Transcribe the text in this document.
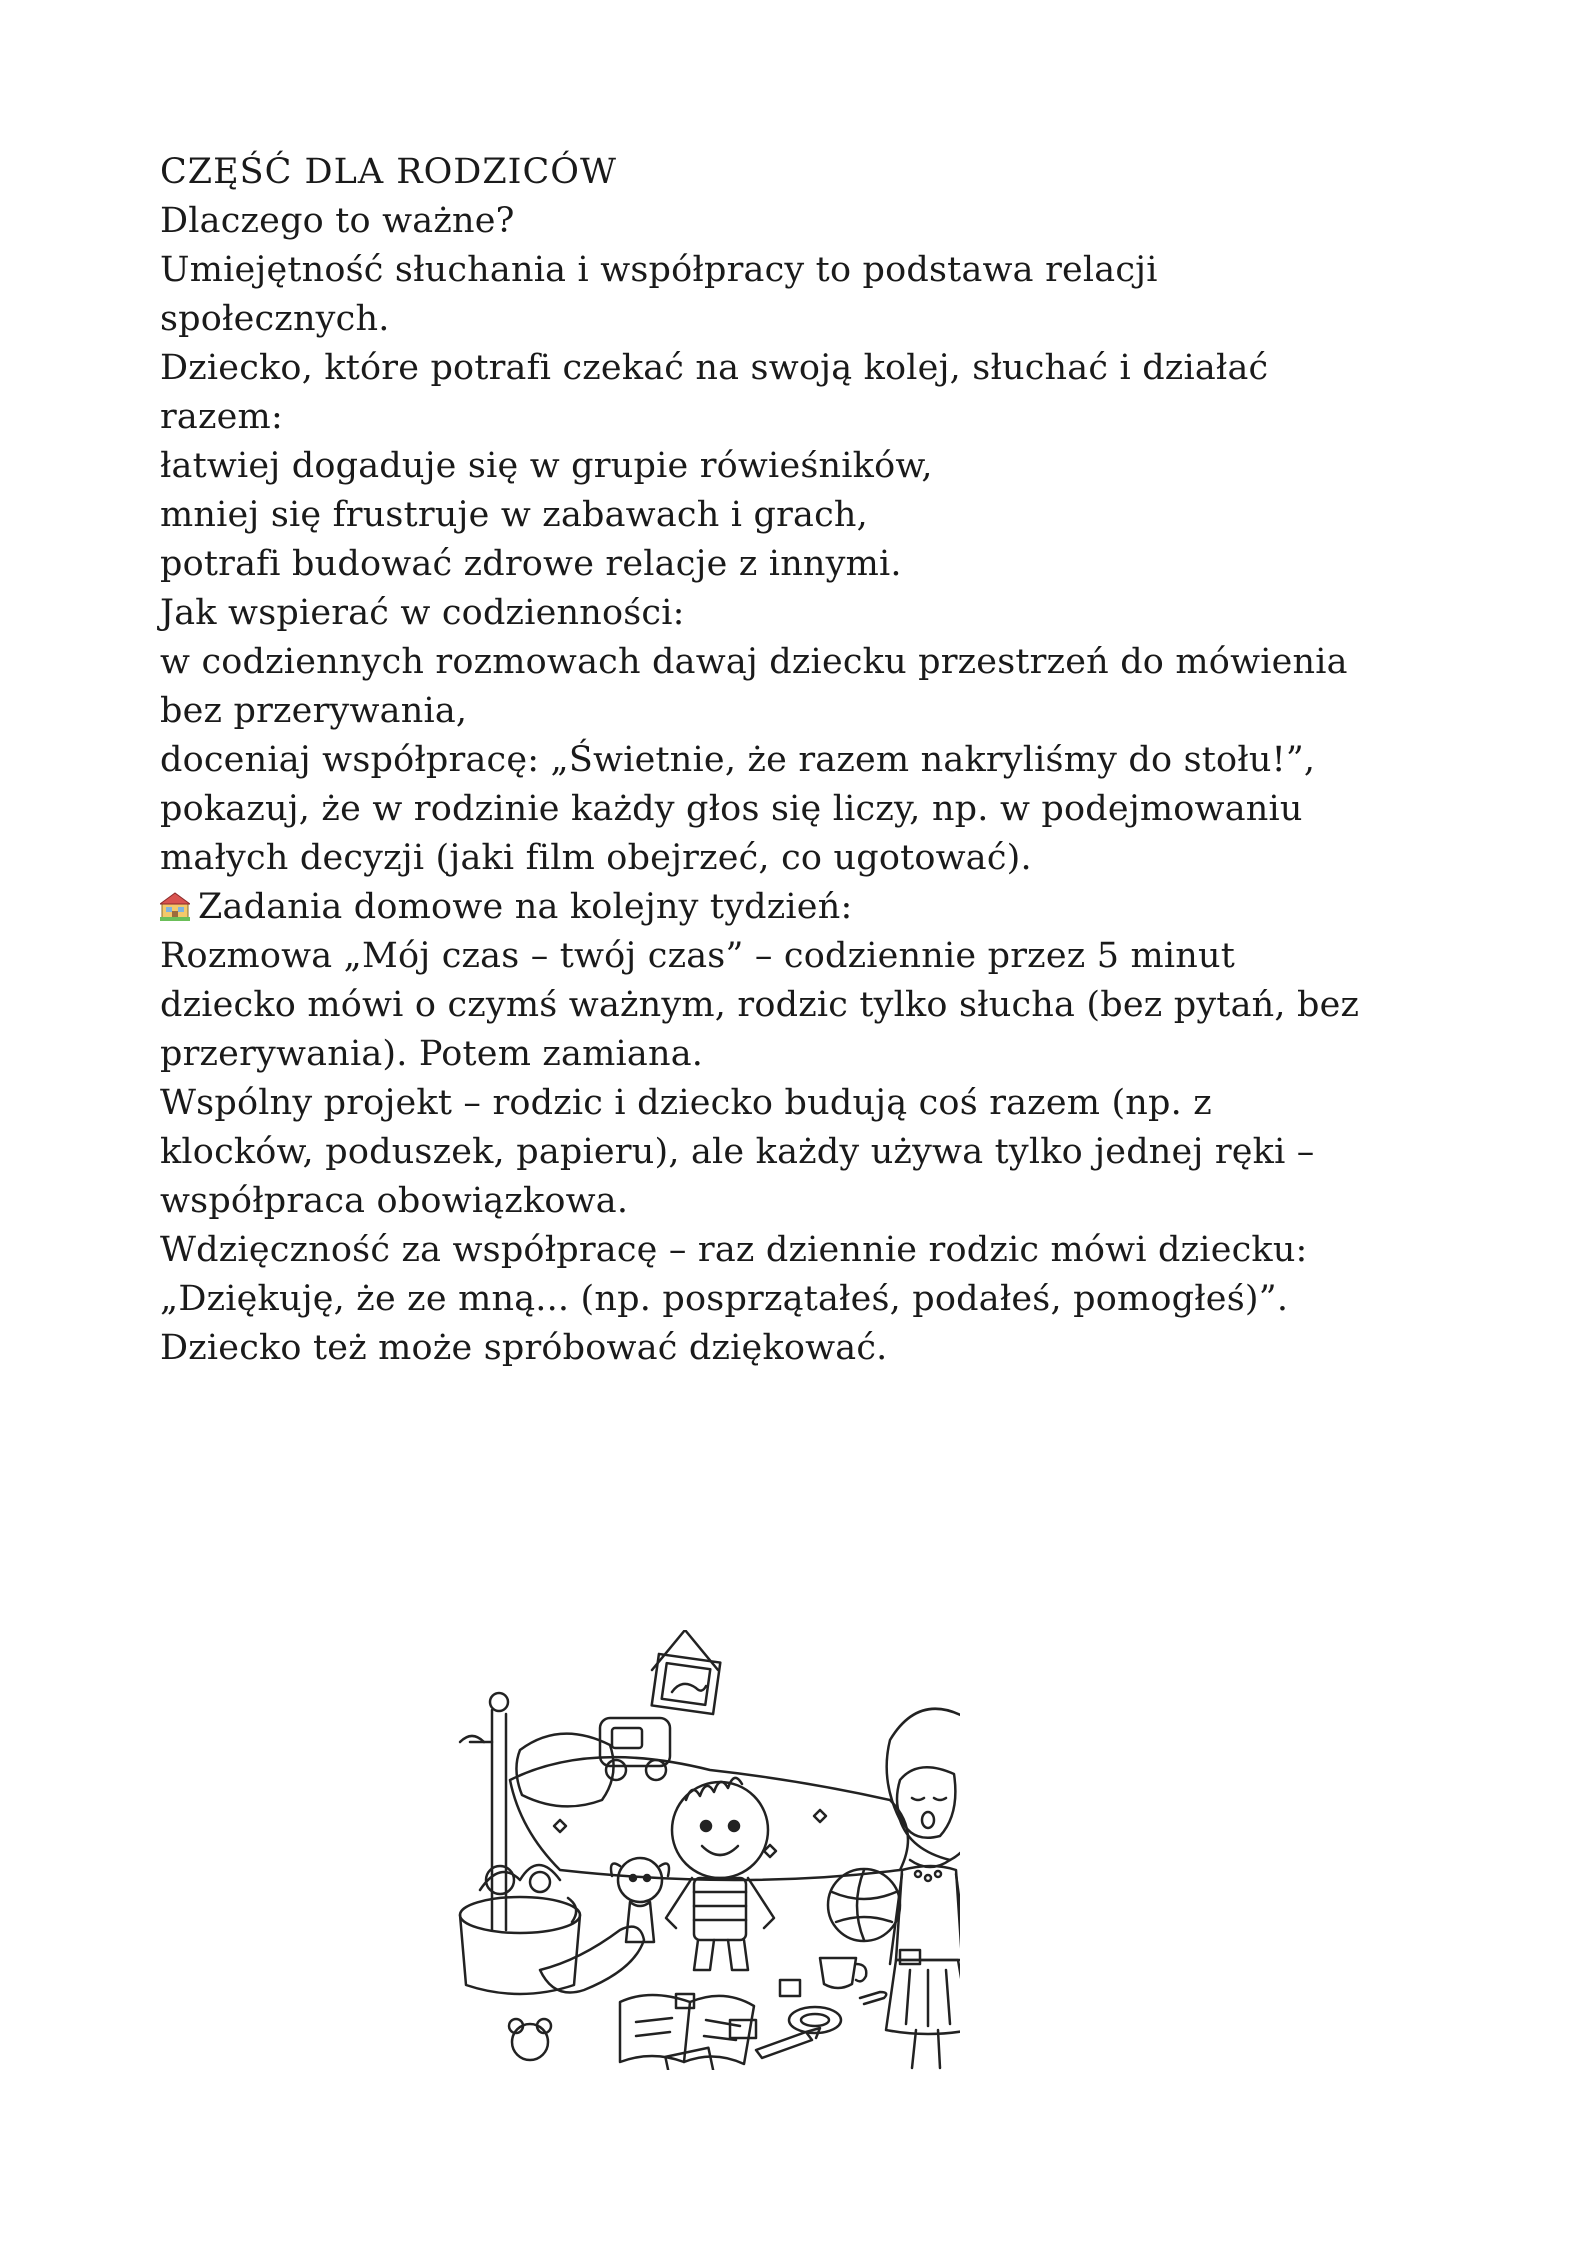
CZĘŚĆ DLA RODZICÓW
Dlaczego to ważne?
Umiejętność słuchania i współpracy to podstawa relacji
społecznych.
Dziecko, które potrafi czekać na swoją kolej, słuchać i działać
razem:
łatwiej dogaduje się w grupie rówieśników,
mniej się frustruje w zabawach i grach,
potrafi budować zdrowe relacje z innymi.
Jak wspierać w codzienności:
w codziennych rozmowach dawaj dziecku przestrzeń do mówienia
bez przerywania,
doceniaj współpracę: „Świetnie, że razem nakryliśmy do stołu!”,
pokazuj, że w rodzinie każdy głos się liczy, np. w podejmowaniu
małych decyzji (jaki film obejrzeć, co ugotować).
Zadania domowe na kolejny tydzień:
Rozmowa „Mój czas – twój czas” – codziennie przez 5 minut
dziecko mówi o czymś ważnym, rodzic tylko słucha (bez pytań, bez
przerywania). Potem zamiana.
Wspólny projekt – rodzic i dziecko budują coś razem (np. z
klocków, poduszek, papieru), ale każdy używa tylko jednej ręki –
współpraca obowiązkowa.
Wdzięczność za współpracę – raz dziennie rodzic mówi dziecku:
„Dziękuję, że ze mną... (np. posprzątałeś, podałeś, pomogłeś)”.
Dziecko też może spróbować dziękować.
